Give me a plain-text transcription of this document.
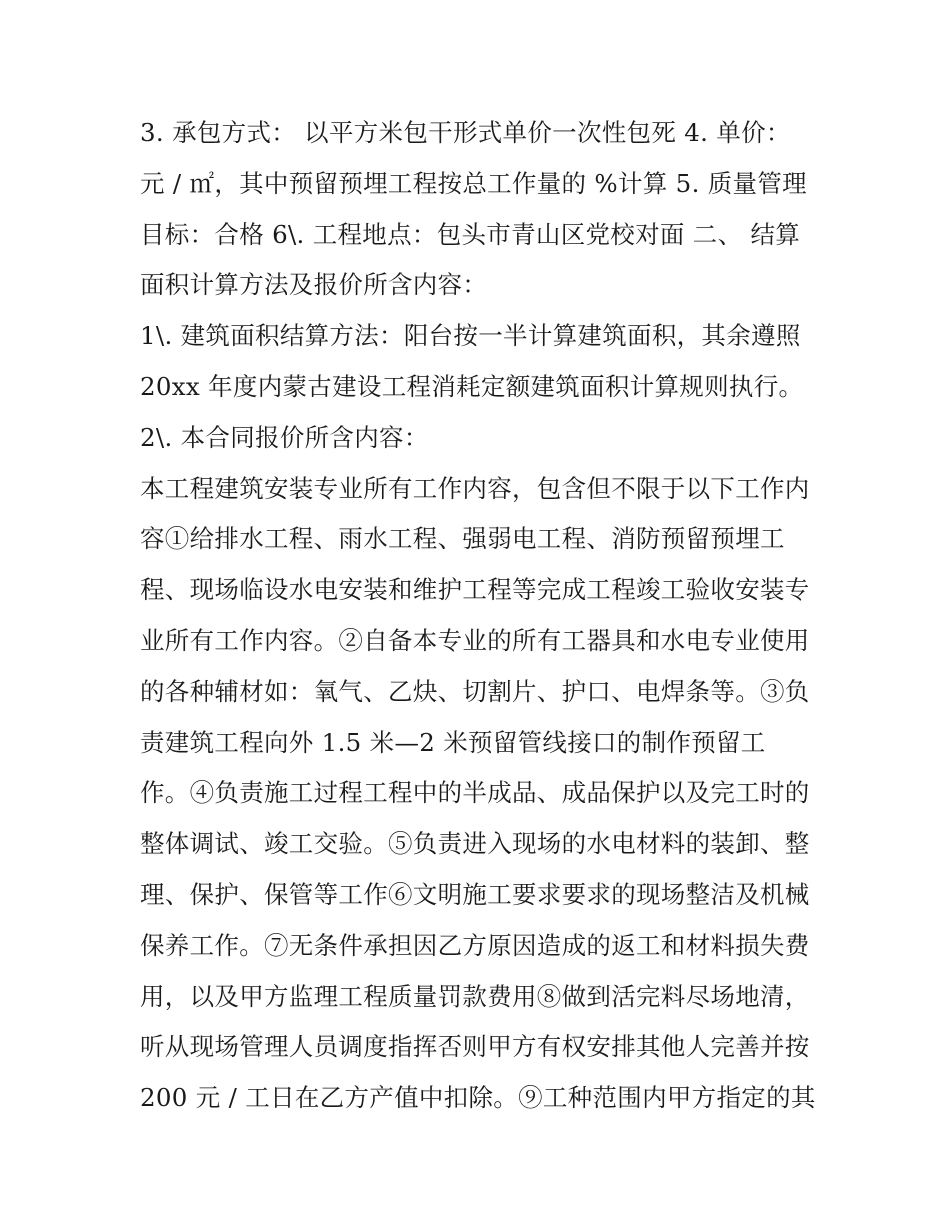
3. 承包方式： 以平方米包干形式单价一次性包死 4. 单价：
元 / ㎡，其中预留预埋工程按总工作量的 %计算 5. 质量管理
目标：合格 6\. 工程地点：包头市青山区党校对面 二、 结算
面积计算方法及报价所含内容：
1\. 建筑面积结算方法：阳台按一半计算建筑面积，其余遵照
20xx 年度内蒙古建设工程消耗定额建筑面积计算规则执行。
2\. 本合同报价所含内容：
本工程建筑安装专业所有工作内容，包含但不限于以下工作内
容①给排水工程、雨水工程、强弱电工程、消防预留预埋工
程、现场临设水电安装和维护工程等完成工程竣工验收安装专
业所有工作内容。②自备本专业的所有工器具和水电专业使用
的各种辅材如：氧气、乙炔、切割片、护口、电焊条等。③负
责建筑工程向外 1.5 米—2 米预留管线接口的制作预留工
作。④负责施工过程工程中的半成品、成品保护以及完工时的
整体调试、竣工交验。⑤负责进入现场的水电材料的装卸、整
理、保护、保管等工作⑥文明施工要求要求的现场整洁及机械
保养工作。⑦无条件承担因乙方原因造成的返工和材料损失费
用，以及甲方监理工程质量罚款费用⑧做到活完料尽场地清，
听从现场管理人员调度指挥否则甲方有权安排其他人完善并按
200 元 / 工日在乙方产值中扣除。⑨工种范围内甲方指定的其
